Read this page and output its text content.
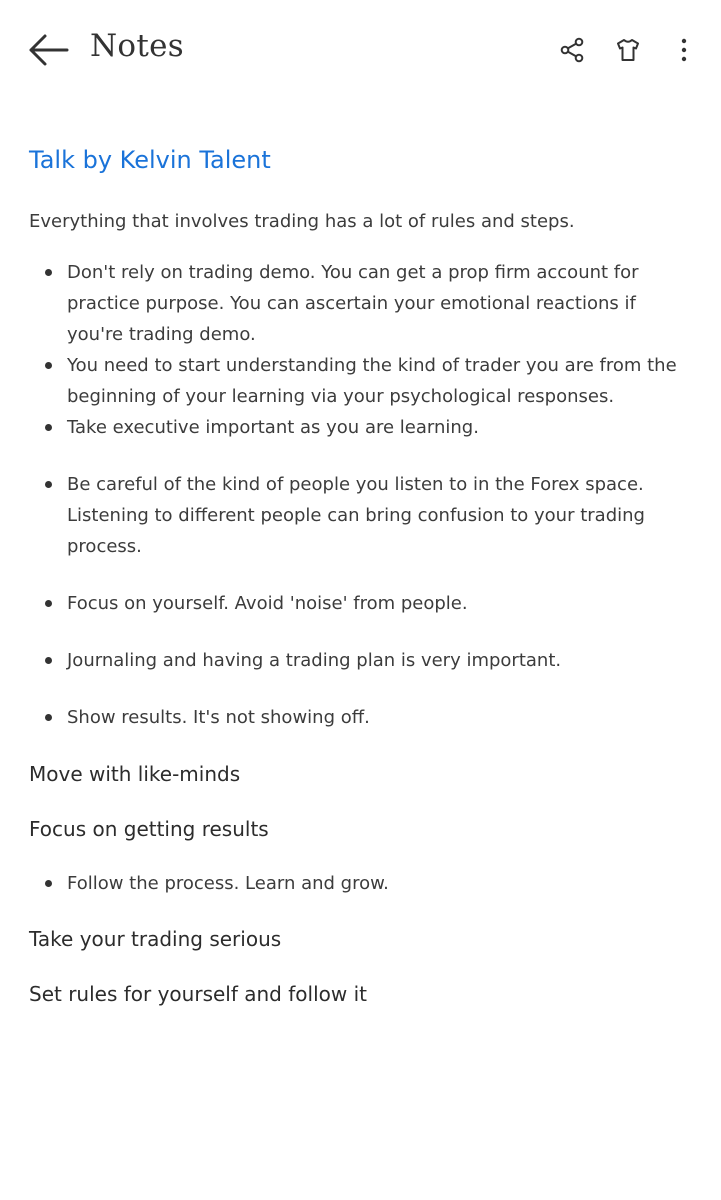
Notes
Talk by Kelvin Talent

Everything that involves trading has a lot of rules and steps.

Don't rely on trading demo. You can get a prop firm account for practice purpose. You can ascertain your emotional reactions if you're trading demo.
You need to start understanding the kind of trader you are from the beginning of your learning via your psychological responses.
Take executive important as you are learning.
Be careful of the kind of people you listen to in the Forex space. Listening to different people can bring confusion to your trading process.
Focus on yourself. Avoid 'noise' from people.
Journaling and having a trading plan is very important.
Show results. It's not showing off.

Move with like-minds

Focus on getting results

Follow the process. Learn and grow.

Take your trading serious

Set rules for yourself and follow it
